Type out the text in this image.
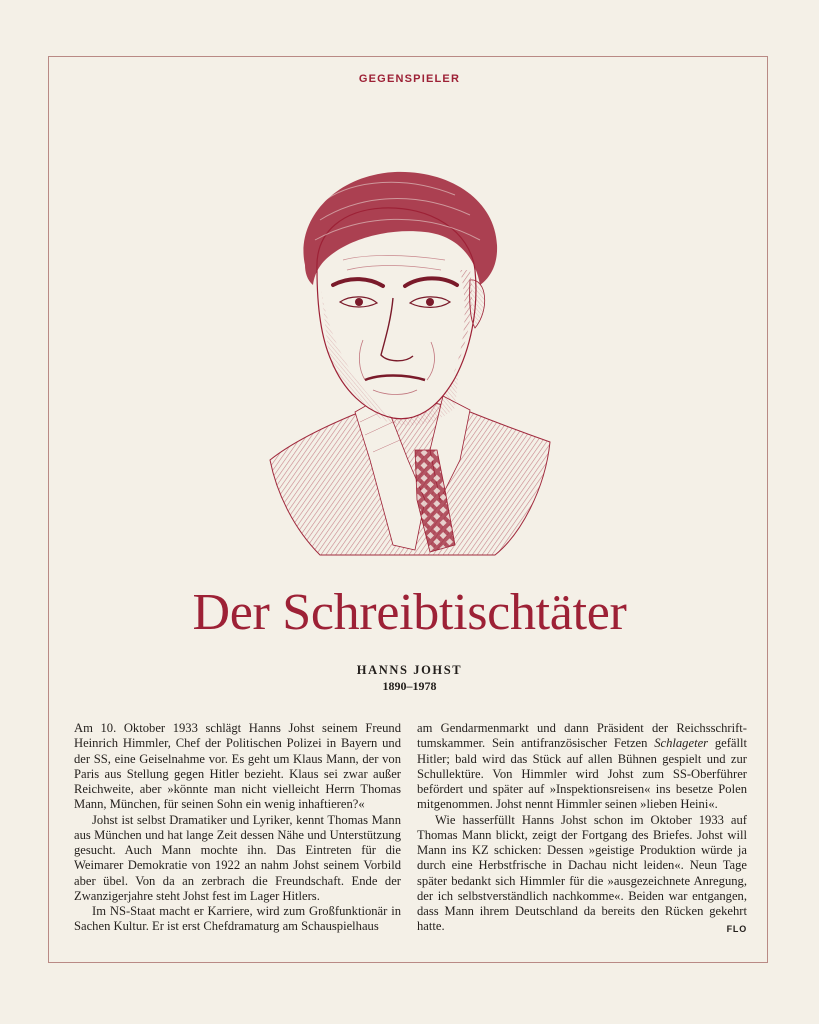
GEGENSPIELER
Der Schreibtischtäter
HANNS JOHST
1890–1978

Am 10. Oktober 1933 schlägt Hanns Johst seinem Freund Heinrich Himmler, Chef der Politischen Polizei in Bayern und der SS, eine Geiselnahme vor. Es geht um Klaus Mann, der von Paris aus Stellung gegen Hitler bezieht. Klaus sei zwar außer Reichweite, aber »könnte man nicht vielleicht Herrn Thomas Mann, München, für seinen Sohn ein wenig inhaftieren?«

Johst ist selbst Dramatiker und Lyriker, kennt Thomas Mann aus München und hat lange Zeit dessen Nähe und Unterstützung gesucht. Auch Mann mochte ihn. Das Eintreten für die Weimarer Demokratie von 1922 an nahm Johst seinem Vorbild aber übel. Von da an zerbrach die Freundschaft. Ende der Zwanzigerjahre steht Johst fest im Lager Hitlers.

Im NS-Staat macht er Karriere, wird zum Großfunktionär in Sachen Kultur. Er ist erst Chefdramaturg am Schauspielhaus

am Gendarmenmarkt und dann Präsident der Reichsschrifttumskammer. Sein antifranzösischer Fetzen Schlageter gefällt Hitler; bald wird das Stück auf allen Bühnen gespielt und zur Schullektüre. Von Himmler wird Johst zum SS-Oberführer befördert und später auf »Inspektionsreisen« ins besetze Polen mitgenommen. Johst nennt Himmler seinen »lieben Heini«.

Wie hasserfüllt Hanns Johst schon im Oktober 1933 auf Thomas Mann blickt, zeigt der Fortgang des Briefes. Johst will Mann ins KZ schicken: Dessen »geistige Produktion würde ja durch eine Herbstfrische in Dachau nicht leiden«. Neun Tage später bedankt sich Himmler für die »ausgezeichnete Anregung, der ich selbstverständlich nachkomme«. Beiden war entgangen, dass Mann ihrem Deutschland da bereits den Rücken gekehrt hatte.	FLO
